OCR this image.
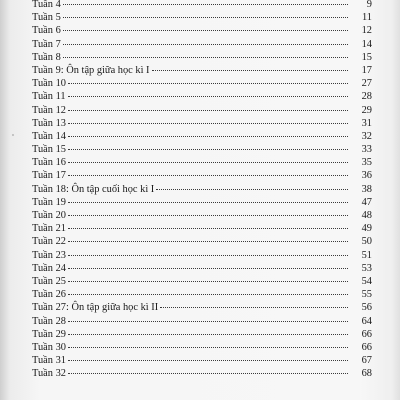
Tuần 4	9
Tuần 5	11
Tuần 6	12
Tuần 7	14
Tuần 8	15
Tuần 9: Ôn tập giữa học kì I	17
Tuần 10	27
Tuần 11	28
Tuần 12	29
Tuần 13	31
Tuần 14	32
Tuần 15	33
Tuần 16	35
Tuần 17	36
Tuần 18: Ôn tập cuối học kì I	38
Tuần 19	47
Tuần 20	48
Tuần 21	49
Tuần 22	50
Tuần 23	51
Tuần 24	53
Tuần 25	54
Tuần 26	55
Tuần 27: Ôn tập giữa học kì II	56
Tuần 28	64
Tuần 29	66
Tuần 30	66
Tuần 31	67
Tuần 32	68
